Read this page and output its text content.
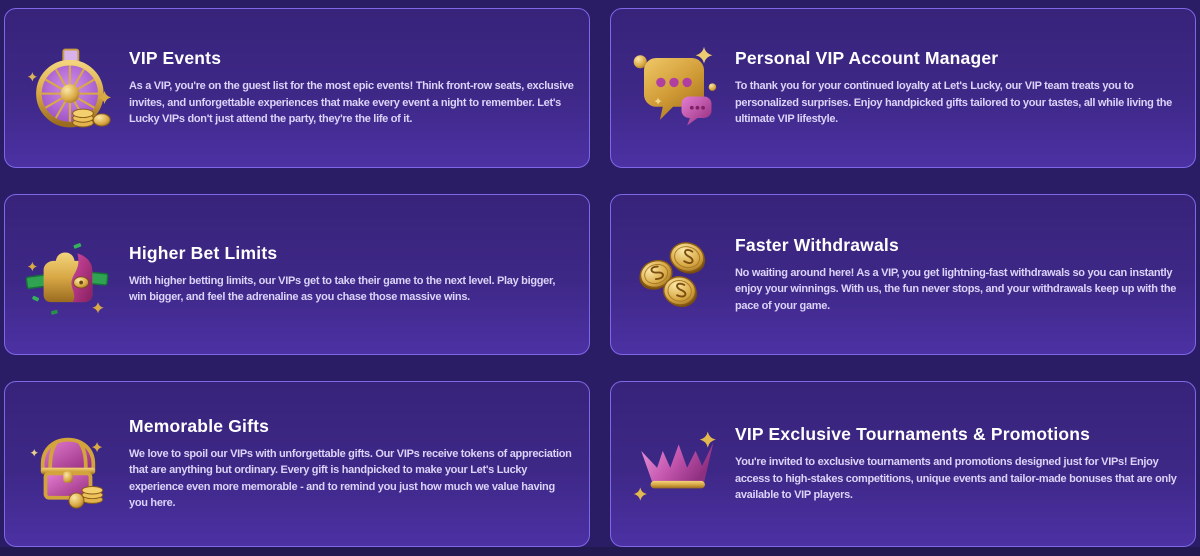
VIP Events

As a VIP, you're on the guest list for the most epic events! Think front-row seats, exclusive invites, and unforgettable experiences that make every event a night to remember. Let's Lucky VIPs don't just attend the party, they're the life of it.

Personal VIP Account Manager

To thank you for your continued loyalty at Let's Lucky, our VIP team treats you to personalized surprises. Enjoy handpicked gifts tailored to your tastes, all while living the ultimate VIP lifestyle.

Higher Bet Limits

With higher betting limits, our VIPs get to take their game to the next level. Play bigger, win bigger, and feel the adrenaline as you chase those massive wins.

Faster Withdrawals

No waiting around here! As a VIP, you get lightning-fast withdrawals so you can instantly enjoy your winnings. With us, the fun never stops, and your withdrawals keep up with the pace of your game.

Memorable Gifts

We love to spoil our VIPs with unforgettable gifts. Our VIPs receive tokens of appreciation that are anything but ordinary. Every gift is handpicked to make your Let's Lucky experience even more memorable - and to remind you just how much we value having you here.

VIP Exclusive Tournaments & Promotions

You're invited to exclusive tournaments and promotions designed just for VIPs! Enjoy access to high-stakes competitions, unique events and tailor-made bonuses that are only available to VIP players.
